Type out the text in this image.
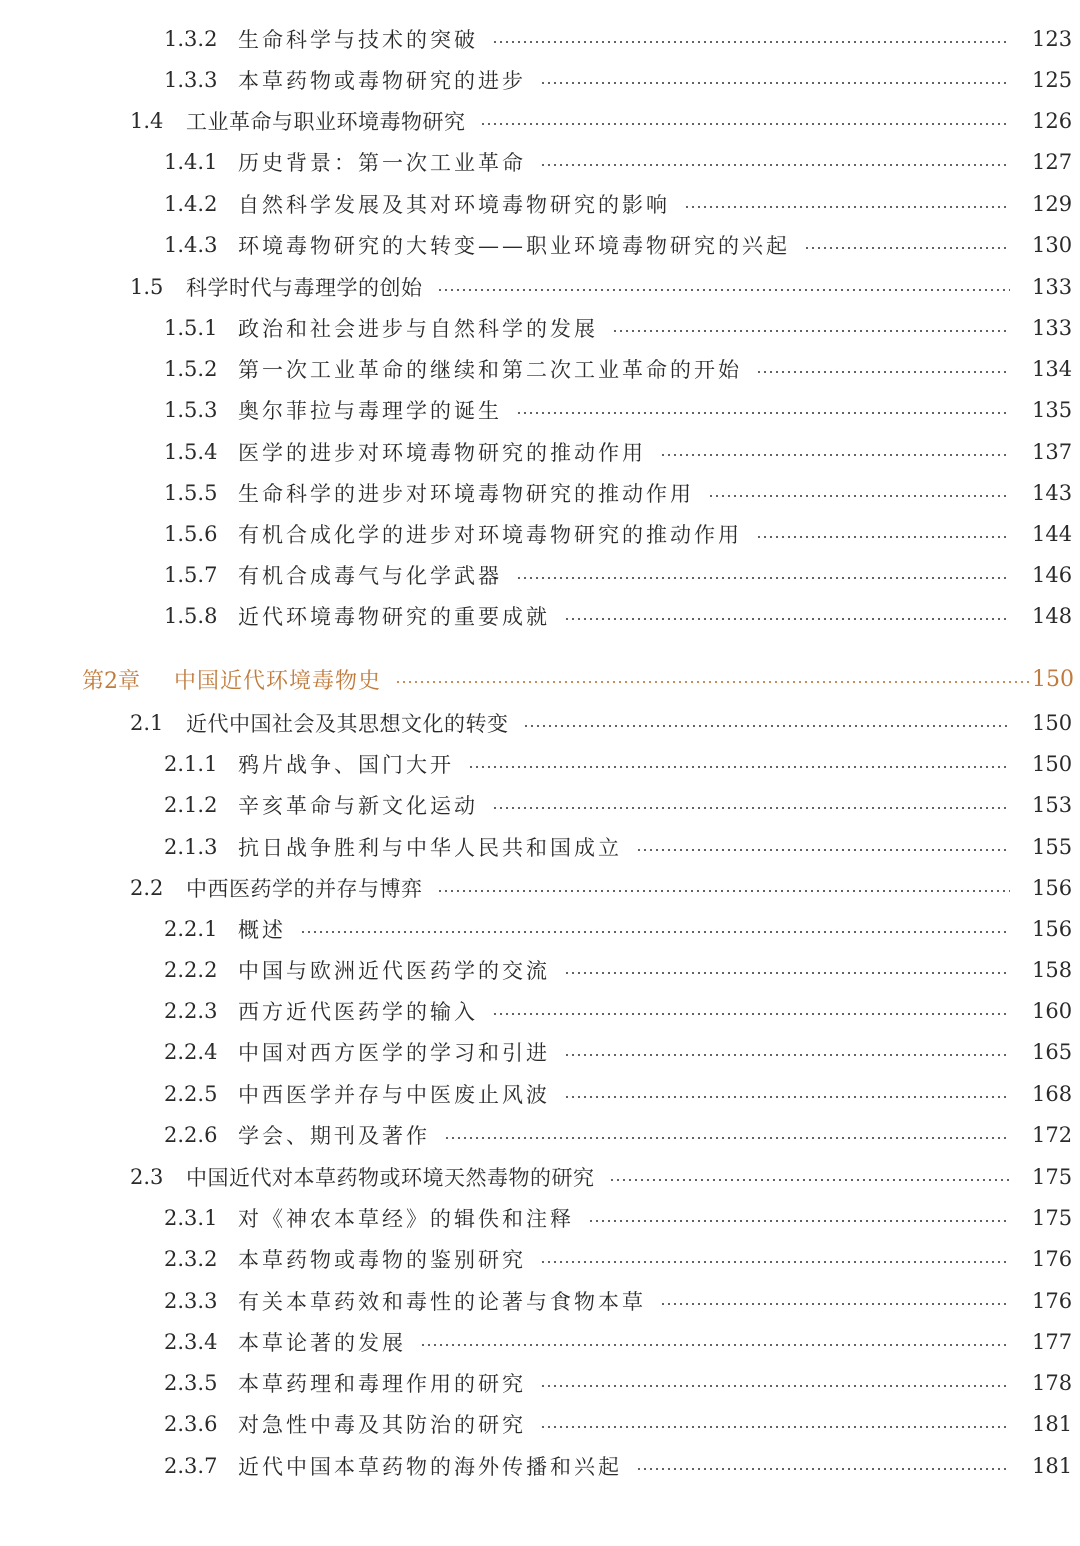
1.3.2 生命科学与技术的突破	123
1.3.3 本草药物或毒物研究的进步	125
1.4	工业革命与职业环境毒物研究	126
1.4.1 历史背景：第一次工业革命	127
1.4.2 自然科学发展及其对环境毒物研究的影响	129
1.4.3 环境毒物研究的大转变——职业环境毒物研究的兴起	130
1.5	科学时代与毒理学的创始	133
1.5.1 政治和社会进步与自然科学的发展	133
1.5.2 第一次工业革命的继续和第二次工业革命的开始	134
1.5.3 奥尔菲拉与毒理学的诞生	135
1.5.4 医学的进步对环境毒物研究的推动作用	137
1.5.5 生命科学的进步对环境毒物研究的推动作用	143
1.5.6 有机合成化学的进步对环境毒物研究的推动作用	144
1.5.7 有机合成毒气与化学武器	146
1.5.8 近代环境毒物研究的重要成就	148
第2章	中国近代环境毒物史	150
2.1	近代中国社会及其思想文化的转变	150
2.1.1 鸦片战争、国门大开	150
2.1.2 辛亥革命与新文化运动	153
2.1.3 抗日战争胜利与中华人民共和国成立	155
2.2	中西医药学的并存与博弈	156
2.2.1 概述	156
2.2.2 中国与欧洲近代医药学的交流	158
2.2.3 西方近代医药学的输入	160
2.2.4 中国对西方医学的学习和引进	165
2.2.5 中西医学并存与中医废止风波	168
2.2.6 学会、期刊及著作	172
2.3	中国近代对本草药物或环境天然毒物的研究	175
2.3.1 对《神农本草经》的辑佚和注释	175
2.3.2 本草药物或毒物的鉴别研究	176
2.3.3 有关本草药效和毒性的论著与食物本草	176
2.3.4 本草论著的发展	177
2.3.5 本草药理和毒理作用的研究	178
2.3.6 对急性中毒及其防治的研究	181
2.3.7 近代中国本草药物的海外传播和兴起	181
